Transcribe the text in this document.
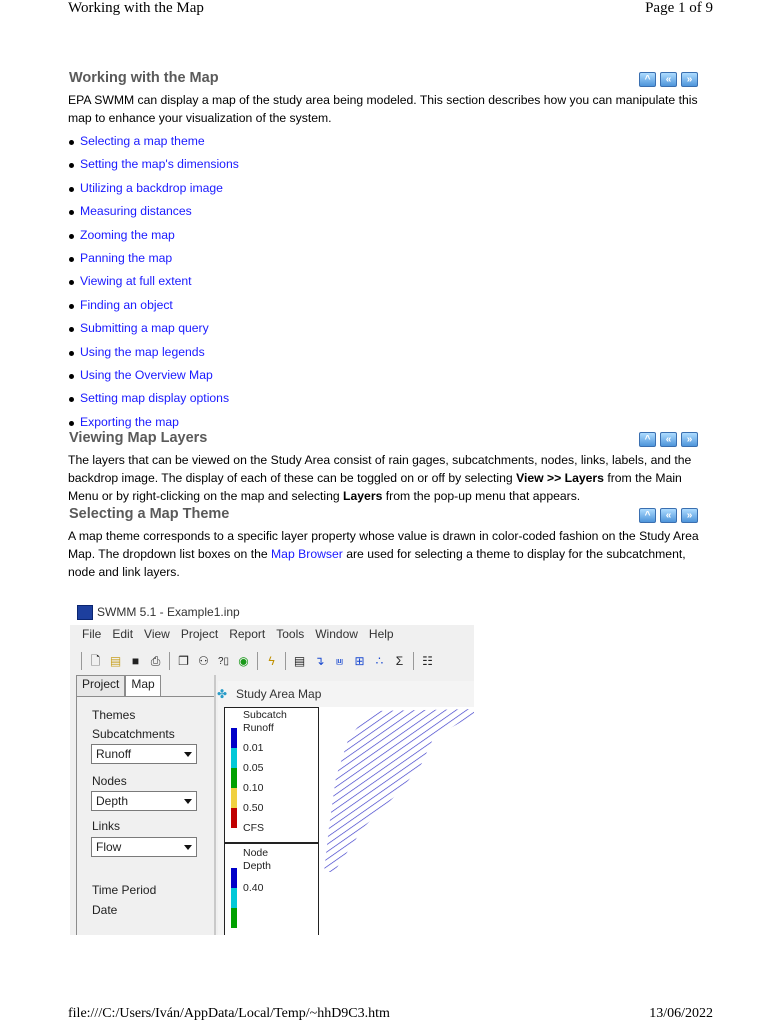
Working with the Map	Page 1 of 9
Working with the Map	^	«	»
EPA SWMM can display a map of the study area being modeled. This section describes how you can manipulate this map to enhance your visualization of the system.
Selecting a map theme
Setting the map's dimensions
Utilizing a backdrop image
Measuring distances
Zooming the map
Panning the map
Viewing at full extent
Finding an object
Submitting a map query
Using the map legends
Using the Overview Map
Setting map display options
Exporting the map
Viewing Map Layers	^	«	»
The layers that can be viewed on the Study Area consist of rain gages, subcatchments, nodes, links, labels, and the backdrop image. The display of each of these can be toggled on or off by selecting View >> Layers from the Main Menu or by right-clicking on the map and selecting Layers from the pop-up menu that appears.
Selecting a Map Theme	^	«	»
A map theme corresponds to a specific layer property whose value is drawn in color-coded fashion on the Study Area Map. The dropdown list boxes on the Map Browser are used for selecting a theme to display for the subcatchment, node and link layers.
SWMM 5.1 - Example1.inp
File Edit View Project Report Tools Window Help
🗋 ▤ ■ ⎙ ❐ ⚇ ?▯ ◉	ϟ	▤ ↴ ⩏ ⊞ ∴	Σ	☷
Project	Map
Themes
Subcatchments
Runoff
Nodes
Depth
Links
Flow
Time Period
Date
✤ Study Area Map
Subcatch
Runoff
0.01
0.05
0.10
0.50
CFS
Node
Depth
0.40
file:///C:/Users/Iván/AppData/Local/Temp/~hhD9C3.htm	13/06/2022
